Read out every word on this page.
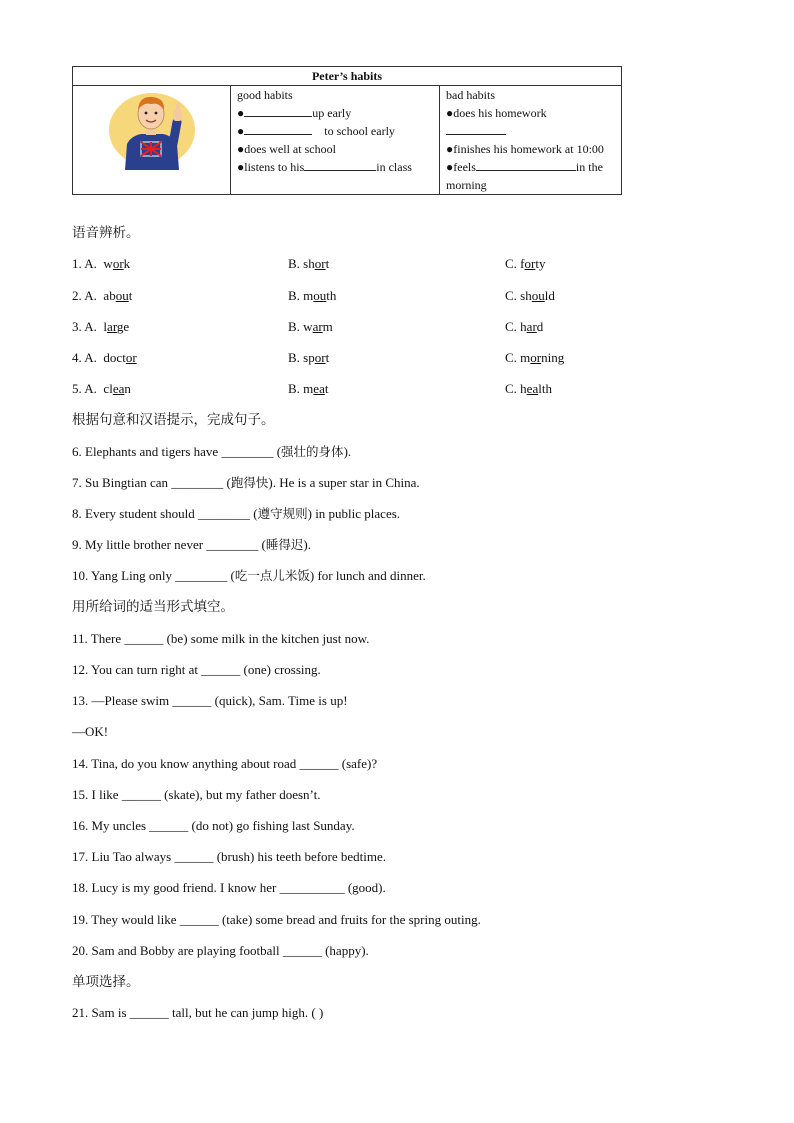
Peter’s habits

good habits
●	up early
●	to school early
●does well at school
●listens to his	in class

bad habits
●does his homework
●finishes his homework at 10:00
●feels	in the
morning
语音辨析。
1. A. work	B. short	C. forty
2. A. about	B. mouth	C. should
3. A. large	B. warm	C. hard
4. A. doctor	B. sport	C. morning
5. A. clean	B. meat	C. health
根据句意和汉语提示，完成句子。
6. Elephants and tigers have ________ (强壮的身体).
7. Su Bingtian can ________ (跑得快). He is a super star in China.
8. Every student should ________ (遵守规则) in public places.
9. My little brother never ________ (睡得迟).
10. Yang Ling only ________ (吃一点儿米饭) for lunch and dinner.
用所给词的适当形式填空。
11. There ______ (be) some milk in the kitchen just now.
12. You can turn right at ______ (one) crossing.
13. —Please swim ______ (quick), Sam. Time is up!
—OK!
14. Tina, do you know anything about road ______ (safe)?
15. I like ______ (skate), but my father doesn’t.
16. My uncles ______ (do not) go fishing last Sunday.
17. Liu Tao always ______ (brush) his teeth before bedtime.
18. Lucy is my good friend. I know her __________ (good).
19. They would like ______ (take) some bread and fruits for the spring outing.
20. Sam and Bobby are playing football ______ (happy).
单项选择。
21. Sam is ______ tall, but he can jump high. ( )
